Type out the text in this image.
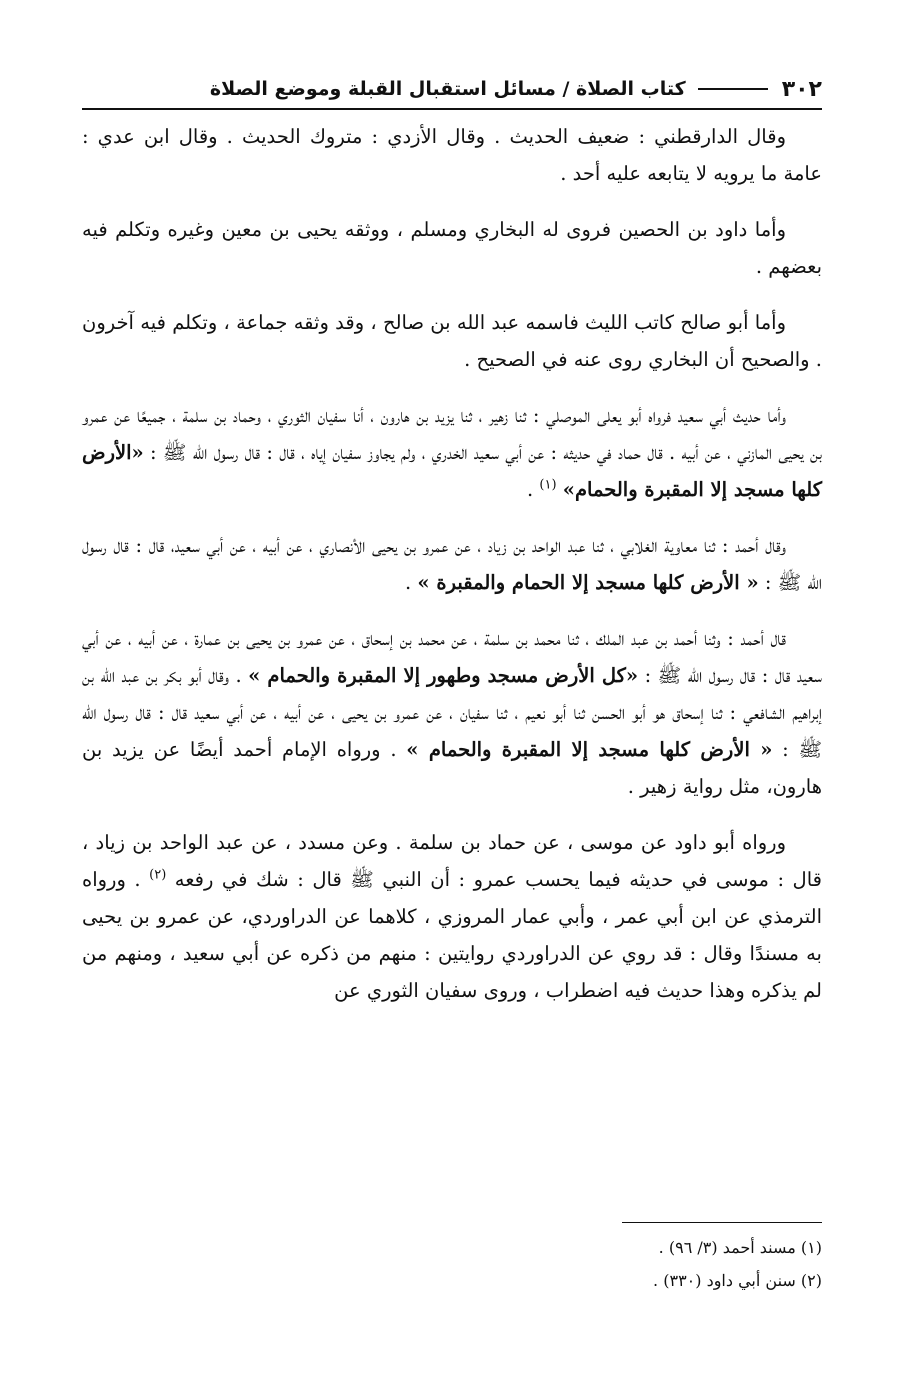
٣٠٢
كتاب الصلاة / مسائل استقبال القبلة وموضع الصلاة

وقال الدارقطني : ضعيف الحديث . وقال الأزدي : متروك الحديث . وقال ابن عدي : عامة ما يرويه لا يتابعه عليه أحد .

وأما داود بن الحصين فروى له البخاري ومسلم ، ووثقه يحيى بن معين وغيره وتكلم فيه بعضهم .

وأما أبو صالح كاتب الليث فاسمه عبد الله بن صالح ، وقد وثقه جماعة ، وتكلم فيه آخرون . والصحيح أن البخاري روى عنه في الصحيح .

وأما حديث أبي سعيد فرواه أبو يعلى الموصلي : ثنا زهير ، ثنا يزيد بن هارون ، أنا سفيان الثوري ، وحماد بن سلمة ، جميعًا عن عمرو بن يحيى المازني ، عن أبيه . قال حماد في حديثه : عن أبي سعيد الخدري ، ولم يجاوز سفيان إياه ، قال : قال رسول الله ﷺ : «الأرض كلها مسجد إلا المقبرة والحمام» $^{(١)}$ .

وقال أحمد : ثنا معاوية الغلابي ، ثنا عبد الواحد بن زياد ، عن عمرو بن يحيى الأنصاري ، عن أبيه ، عن أبي سعيد، قال : قال رسول الله ﷺ : « الأرض كلها مسجد إلا الحمام والمقبرة » .

قال أحمد : وثنا أحمد بن عبد الملك ، ثنا محمد بن سلمة ، عن محمد بن إسحاق ، عن عمرو بن يحيى بن عمارة ، عن أبيه ، عن أبي سعيد قال : قال رسول الله ﷺ : «كل الأرض مسجد وطهور إلا المقبرة والحمام » . وقال أبو بكر بن عبد الله بن إبراهيم الشافعي : ثنا إسحاق هو أبو الحسن ثنا أبو نعيم ، ثنا سفيان ، عن عمرو بن يحيى ، عن أبيه ، عن أبي سعيد قال : قال رسول الله ﷺ : « الأرض كلها مسجد إلا المقبرة والحمام » . ورواه الإمام أحمد أيضًا عن يزيد بن هارون، مثل رواية زهير .

ورواه أبو داود عن موسى ، عن حماد بن سلمة . وعن مسدد ، عن عبد الواحد بن زياد ، قال : موسى في حديثه فيما يحسب عمرو : أن النبي ﷺ قال : شك في رفعه $^{(٢)}$ . ورواه الترمذي عن ابن أبي عمر ، وأبي عمار المروزي ، كلاهما عن الدراوردي، عن عمرو بن يحيى به مسندًا وقال : قد روي عن الدراوردي روايتين : منهم من ذكره عن أبي سعيد ، ومنهم من لم يذكره وهذا حديث فيه اضطراب ، وروى سفيان الثوري عن

(١) مسند أحمد (٣/ ٩٦) .

(٢) سنن أبي داود (٣٣٠) .
